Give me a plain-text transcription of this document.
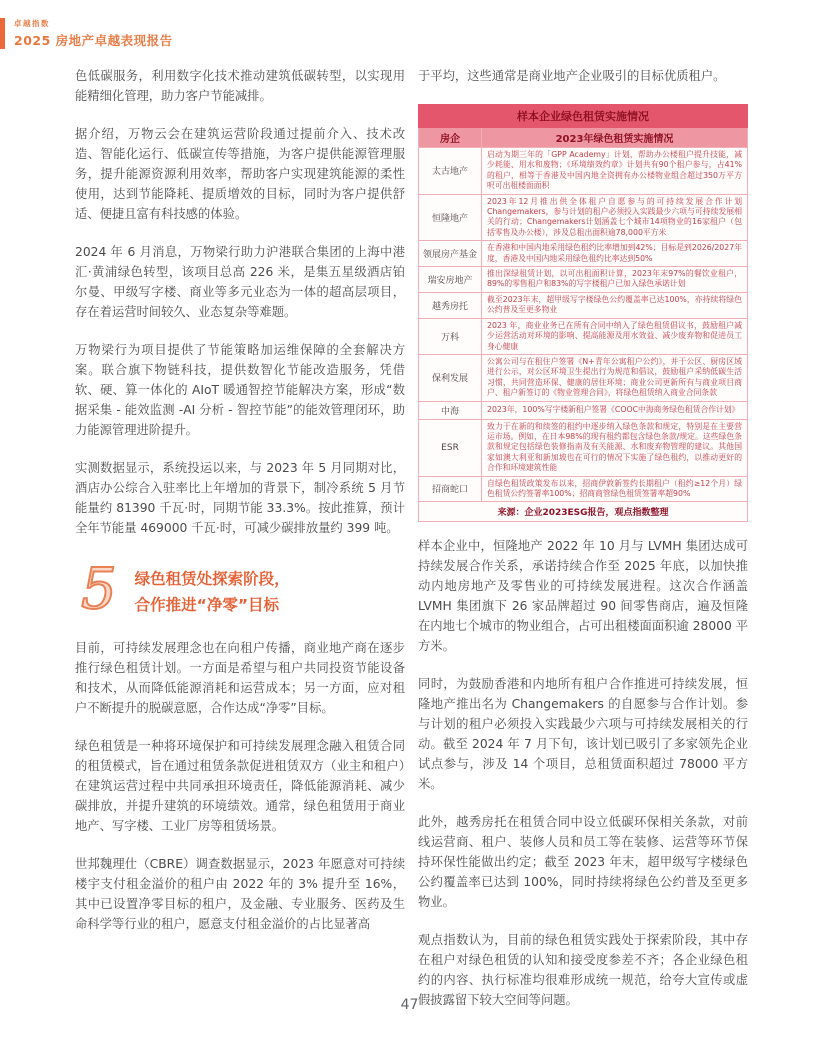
卓越指数
2025 房地产卓越表现报告

色低碳服务，利用数字化技术推动建筑低碳转型，以实现用能精细化管理，助力客户节能减排。

据介绍，万物云会在建筑运营阶段通过提前介入、技术改造、智能化运行、低碳宣传等措施，为客户提供能源管理服务，提升能源资源利用效率，帮助客户实现建筑能源的柔性使用，达到节能降耗、提质增效的目标，同时为客户提供舒适、便捷且富有科技感的体验。

2024 年 6 月消息，万物梁行助力沪港联合集团的上海中港汇·黄浦绿色转型，该项目总高 226 米，是集五星级酒店铂尔曼、甲级写字楼、商业等多元业态为一体的超高层项目，存在着运营时间较久、业态复杂等难题。

万物梁行为项目提供了节能策略加运维保障的全套解决方案。联合旗下物链科技，提供数智化节能改造服务，凭借软、硬、算一体化的 AIoT 暖通智控节能解决方案，形成“数据采集 - 能效监测 -AI 分析 - 智控节能”的能效管理闭环，助力能源管理进阶提升。

实测数据显示，系统投运以来，与 2023 年 5 月同期对比，酒店办公综合入驻率比上年增加的背景下，制冷系统 5 月节能量约 81390 千瓦·时，同期节能 33.3%。按此推算，预计全年节能量 469000 千瓦·时，可减少碳排放量约 399 吨。

5 绿色租赁处探索阶段，
合作推进“净零”目标

目前，可持续发展理念也在向租户传播，商业地产商在逐步推行绿色租赁计划。一方面是希望与租户共同投资节能设备和技术，从而降低能源消耗和运营成本；另一方面，应对租户不断提升的脱碳意愿，合作达成“净零”目标。

绿色租赁是一种将环境保护和可持续发展理念融入租赁合同的租赁模式，旨在通过租赁条款促进租赁双方（业主和租户）在建筑运营过程中共同承担环境责任，降低能源消耗、减少碳排放，并提升建筑的环境绩效。通常，绿色租赁用于商业地产、写字楼、工业厂房等租赁场景。

世邦魏理仕（CBRE）调查数据显示，2023 年愿意对可持续楼宇支付租金溢价的租户由 2022 年的 3% 提升至 16%，其中已设置净零目标的租户，及金融、专业服务、医药及生命科学等行业的租户，愿意支付租金溢价的占比显著高

于平均，这些通常是商业地产企业吸引的目标优质租户。

样本企业绿色租赁实施情况	
房企	2023年绿色租赁实施情况
太古地产	启动为期三年的「GPP Academy」计划，帮助办公楼租户提升技能，减少耗能、用水和废物；《环境绩效约章》计划共有90个租户参与，占41%的租户，相等于香港及中国内地全资拥有办公楼物业组合超过350万平方呎可出租楼面面积
恒隆地产	2023年12月推出供全体租户自愿参与的可持续发展合作计划Changemakers，参与计划的租户必须投入实践最少六项与可持续发展相关的行动；Changemakers计划涵盖七个城市14项物业的16家租户（包括零售及办公楼），涉及总租出面积逾78,000平方米
领展房产基金	在香港和中国内地采用绿色租约比率增加到42%；目标是到2026/2027年度，香港及中国内地采用绿色租约比率达到50%
瑞安房地产	推出深绿租赁计划，以可出租面积计算，2023年末97%的餐饮业租户，89%的零售租户和83%的写字楼租户已加入绿色承诺计划
越秀房托	截至2023年末，超甲级写字楼绿色公约覆盖率已达100%，亦持续将绿色公约普及至更多物业
万科	2023 年，商业业务已在所有合同中纳入了绿色租赁倡议书，鼓励租户减少运营活动对环境的影响、提高能源及用水效益、减少废弃物和促进员工身心健康
保利发展	公寓公司与在租住户签署《N+青年公寓租户公约》，并于公区、厨房区域进行公示，对公区环境卫生提出行为规范和倡议，鼓励租户采纳低碳生活习惯，共同营造环保、健康的居住环境；商业公司更新所有与商业项目商户、租户新签订的《物业管理合同》，将绿色租赁纳入商业合同条款
中海	2023年，100%写字楼新租户签署《COOC中海商务绿色租赁合作计划》
ESR	致力于在新的和续签的租约中逐步纳入绿色条款和规定，特别是在主要营运市场。例如，在日本98%的现有租约都包含绿色条款/规定。这些绿色条款和规定包括绿色装修指南及有关能源、水和废弃物管理的建议。其他国家如澳大利亚和新加坡也在可行的情况下实施了绿色租约，以推动更好的合作和环境建筑性能
招商蛇口	自绿色租赁政策发布以来，招商伊敦新签约长期租户（租约≥12个月）绿色租赁公约签署率100%；招商商管绿色租赁签署率超90%
来源：企业2023ESG报告，观点指数整理	

样本企业中，恒隆地产 2022 年 10 月与 LVMH 集团达成可持续发展合作关系，承诺持续合作至 2025 年底，以加快推动内地房地产及零售业的可持续发展进程。这次合作涵盖 LVMH 集团旗下 26 家品牌超过 90 间零售商店，遍及恒隆在内地七个城市的物业组合，占可出租楼面面积逾 28000 平方米。

同时，为鼓励香港和内地所有租户合作推进可持续发展，恒隆地产推出名为 Changemakers 的自愿参与合作计划。参与计划的租户必须投入实践最少六项与可持续发展相关的行动。截至 2024 年 7 月下旬，该计划已吸引了多家领先企业试点参与，涉及 14 个项目，总租赁面积超过 78000 平方米。

此外，越秀房托在租赁合同中设立低碳环保相关条款，对前线运营商、租户、装修人员和员工等在装修、运营等环节保持环保性能做出约定；截至 2023 年末，超甲级写字楼绿色公约覆盖率已达到 100%，同时持续将绿色公约普及至更多物业。

观点指数认为，目前的绿色租赁实践处于探索阶段，其中存在租户对绿色租赁的认知和接受度参差不齐；各企业绿色租约的内容、执行标准均很难形成统一规范，给夸大宣传或虚假披露留下较大空间等问题。

47
